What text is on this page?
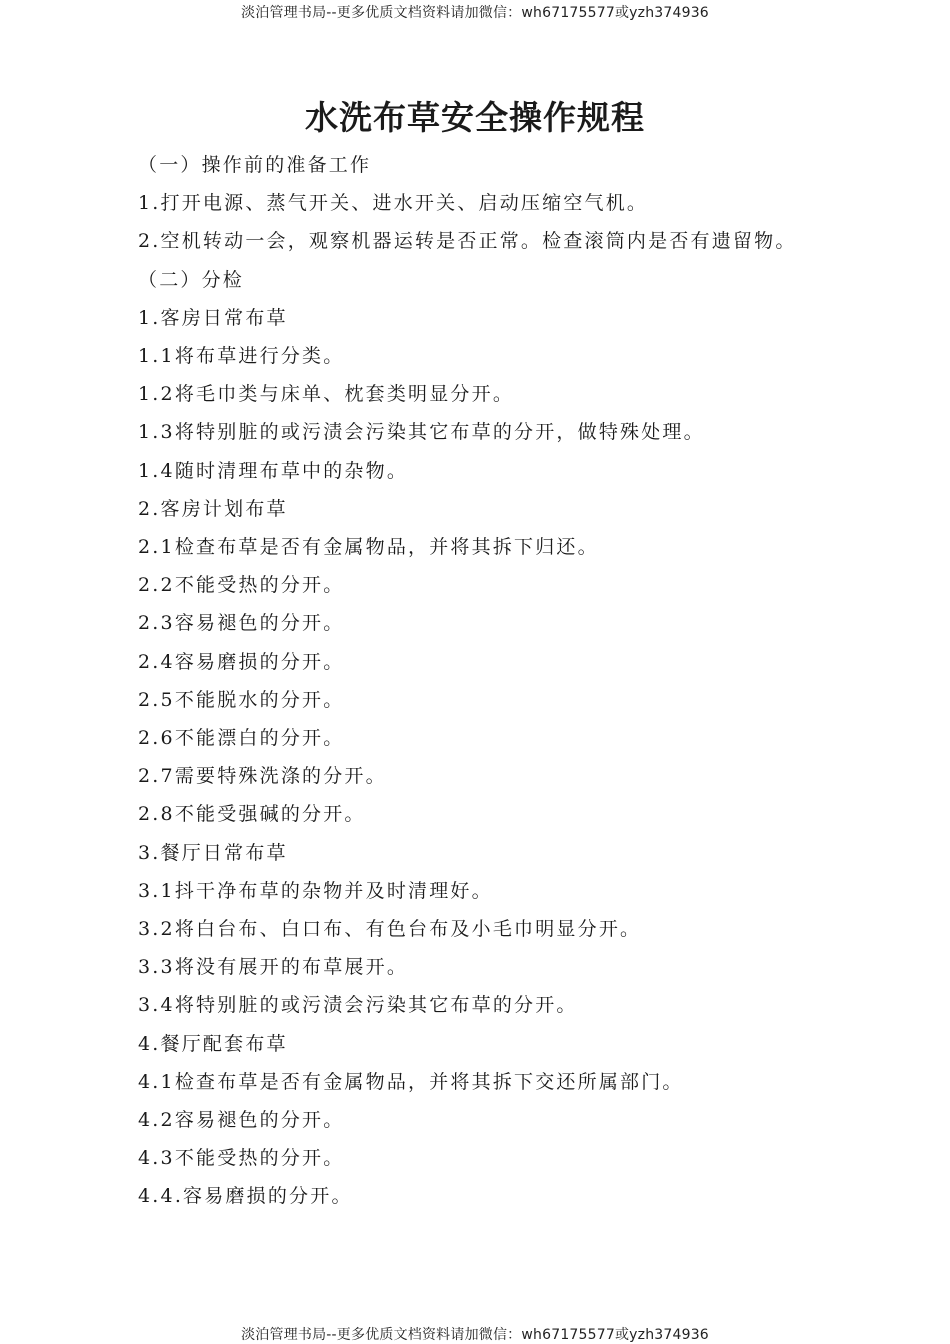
淡泊管理书局--更多优质文档资料请加微信：wh67175577或yzh374936
水洗布草安全操作规程

（一）操作前的准备工作

1.打开电源、蒸气开关、进水开关、启动压缩空气机。

2.空机转动一会，观察机器运转是否正常。检查滚筒内是否有遗留物。

（二）分检

1.客房日常布草

1.1将布草进行分类。

1.2将毛巾类与床单、枕套类明显分开。

1.3将特别脏的或污渍会污染其它布草的分开，做特殊处理。

1.4随时清理布草中的杂物。

2.客房计划布草

2.1检查布草是否有金属物品，并将其拆下归还。

2.2不能受热的分开。

2.3容易褪色的分开。

2.4容易磨损的分开。

2.5不能脱水的分开。

2.6不能漂白的分开。

2.7需要特殊洗涤的分开。

2.8不能受强碱的分开。

3.餐厅日常布草

3.1抖干净布草的杂物并及时清理好。

3.2将白台布、白口布、有色台布及小毛巾明显分开。

3.3将没有展开的布草展开。

3.4将特别脏的或污渍会污染其它布草的分开。

4.餐厅配套布草

4.1检查布草是否有金属物品，并将其拆下交还所属部门。

4.2容易褪色的分开。

4.3不能受热的分开。

4.4.容易磨损的分开。

淡泊管理书局--更多优质文档资料请加微信：wh67175577或yzh374936
